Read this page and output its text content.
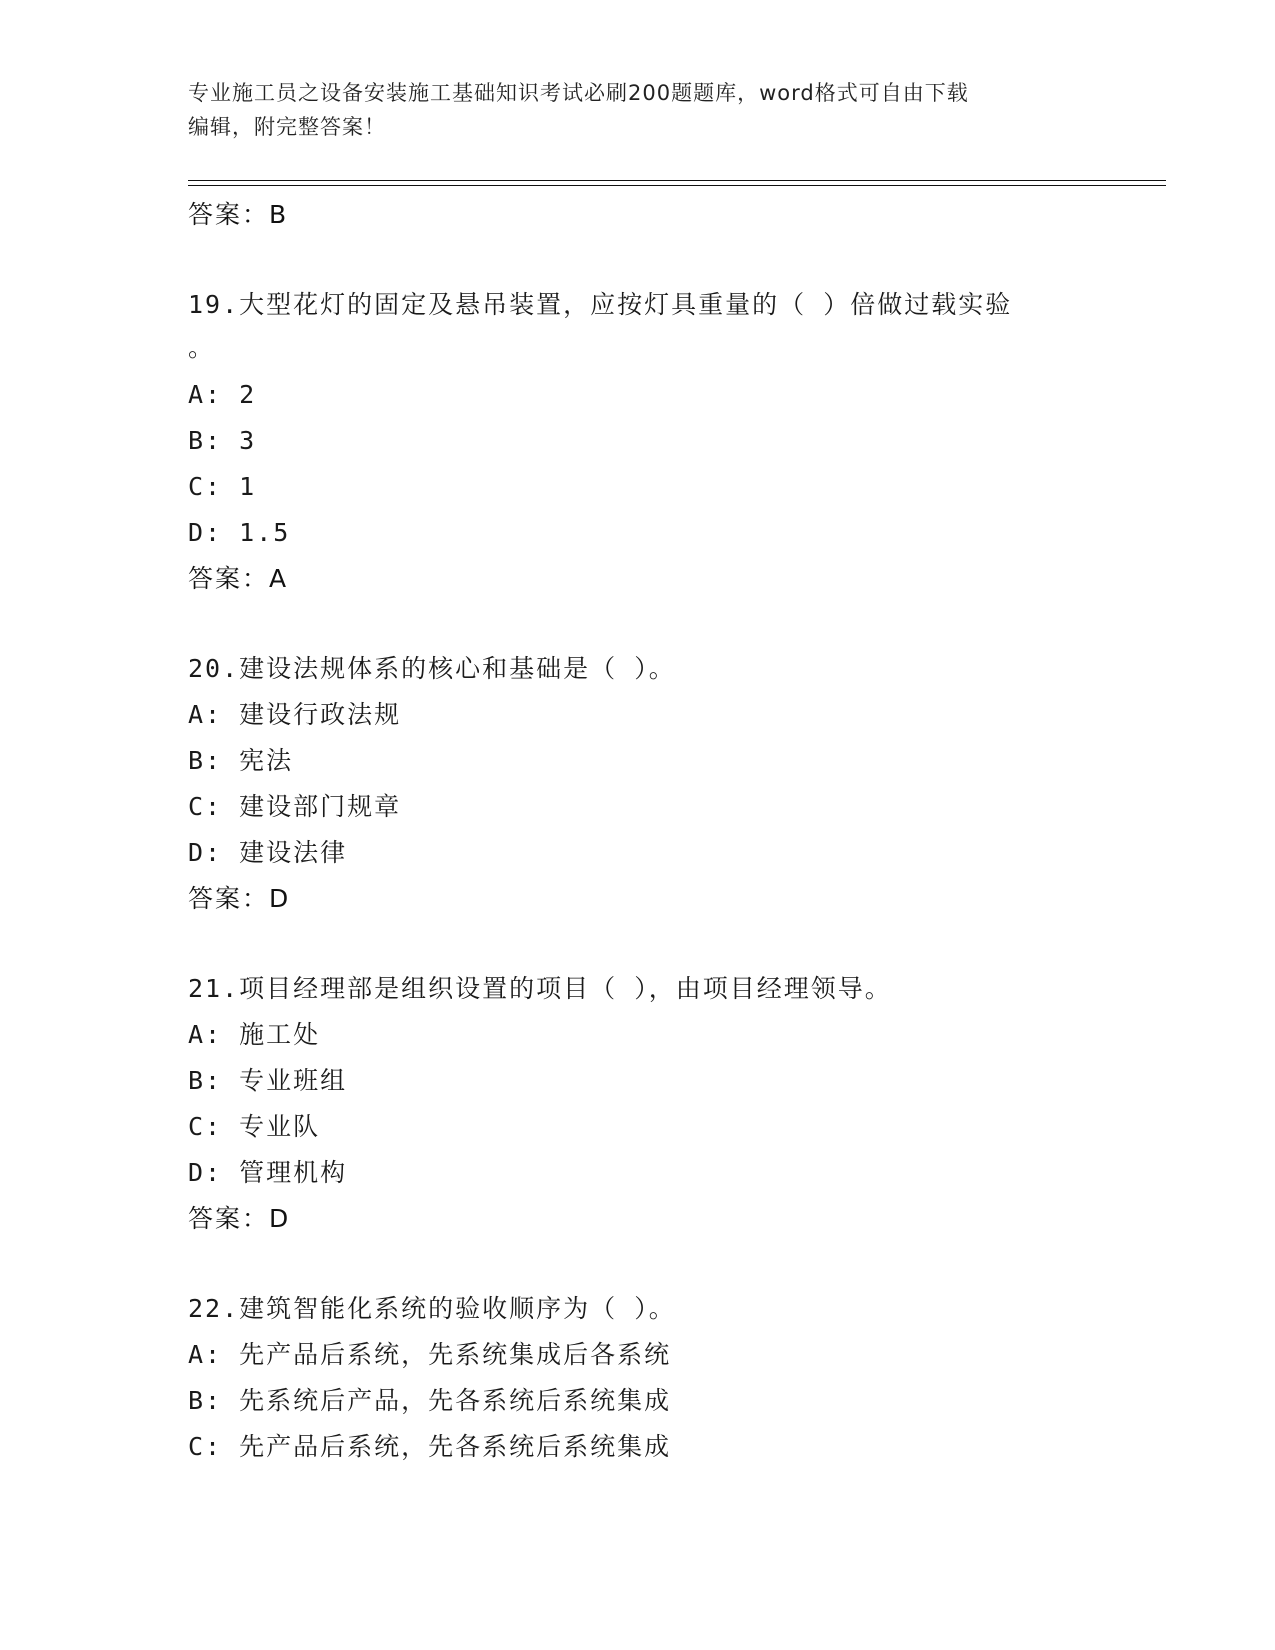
专业施工员之设备安装施工基础知识考试必刷200题题库，word格式可自由下载
编辑，附完整答案！
答案：B
19.大型花灯的固定及悬吊装置，应按灯具重量的（ ）倍做过载实验
。
A: 2
B: 3
C: 1
D: 1.5
答案：A
20.建设法规体系的核心和基础是（ ）。
A: 建设行政法规
B: 宪法
C: 建设部门规章
D: 建设法律
答案：D
21.项目经理部是组织设置的项目（ ），由项目经理领导。
A: 施工处
B: 专业班组
C: 专业队
D: 管理机构
答案：D
22.建筑智能化系统的验收顺序为（ ）。
A: 先产品后系统，先系统集成后各系统
B: 先系统后产品，先各系统后系统集成
C: 先产品后系统，先各系统后系统集成
